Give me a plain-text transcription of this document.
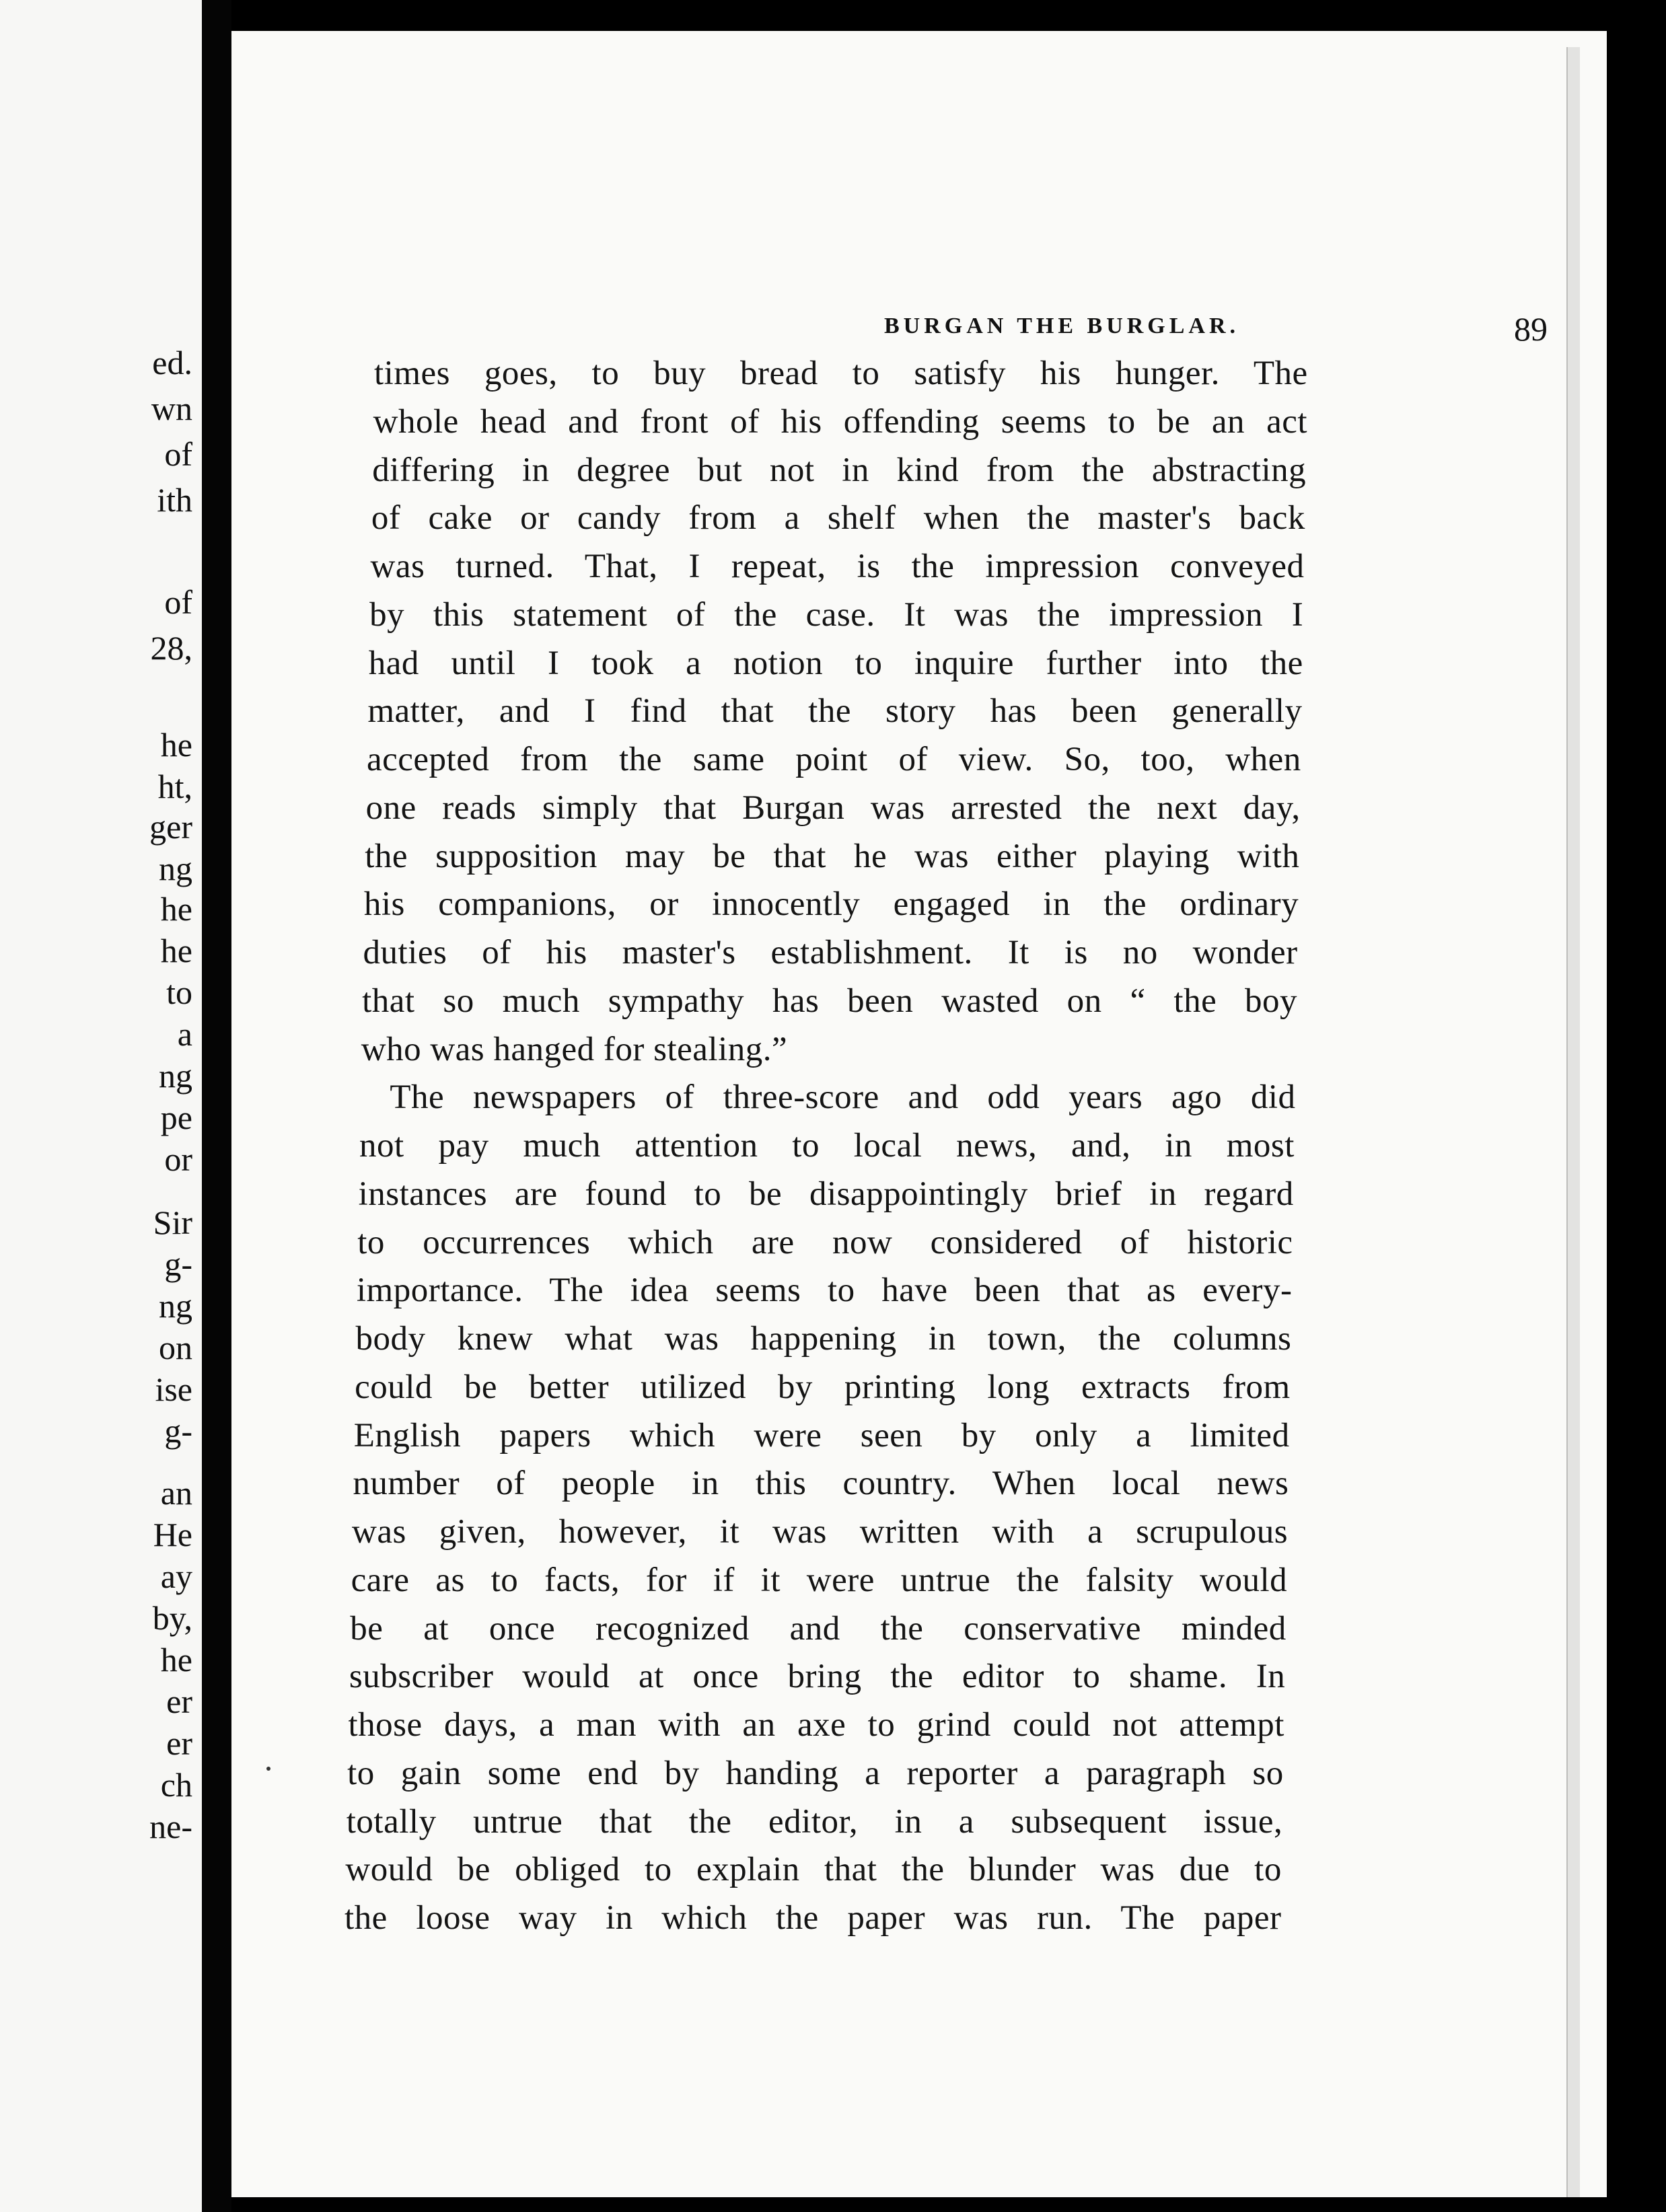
ed.
wn
of
ith
of
28,
he
ht,
ger
ng
he
he
to
a
ng
pe
or
Sir
g-
ng
on
ise
g-
an
He
ay
by,
he
er
er
ch
ne-
BURGAN THE BURGLAR.	89
times goes, to buy bread to satisfy his hunger. The
whole head and front of his offending seems to be an act
differing in degree but not in kind from the abstracting
of cake or candy from a shelf when the master's back
was turned. That, I repeat, is the impression conveyed
by this statement of the case. It was the impression I
had until I took a notion to inquire further into the
matter, and I find that the story has been generally
accepted from the same point of view. So, too, when
one reads simply that Burgan was arrested the next day,
the supposition may be that he was either playing with
his companions, or innocently engaged in the ordinary
duties of his master's establishment. It is no wonder
that so much sympathy has been wasted on “ the boy
who was hanged for stealing.”
The newspapers of three-score and odd years ago did
not pay much attention to local news, and, in most
instances are found to be disappointingly brief in regard
to occurrences which are now considered of historic
importance. The idea seems to have been that as every-
body knew what was happening in town, the columns
could be better utilized by printing long extracts from
English papers which were seen by only a limited
number of people in this country. When local news
was given, however, it was written with a scrupulous
care as to facts, for if it were untrue the falsity would
be at once recognized and the conservative minded
subscriber would at once bring the editor to shame. In
those days, a man with an axe to grind could not attempt
to gain some end by handing a reporter a paragraph so
totally untrue that the editor, in a subsequent issue,
would be obliged to explain that the blunder was due to
the loose way in which the paper was run. The paper
